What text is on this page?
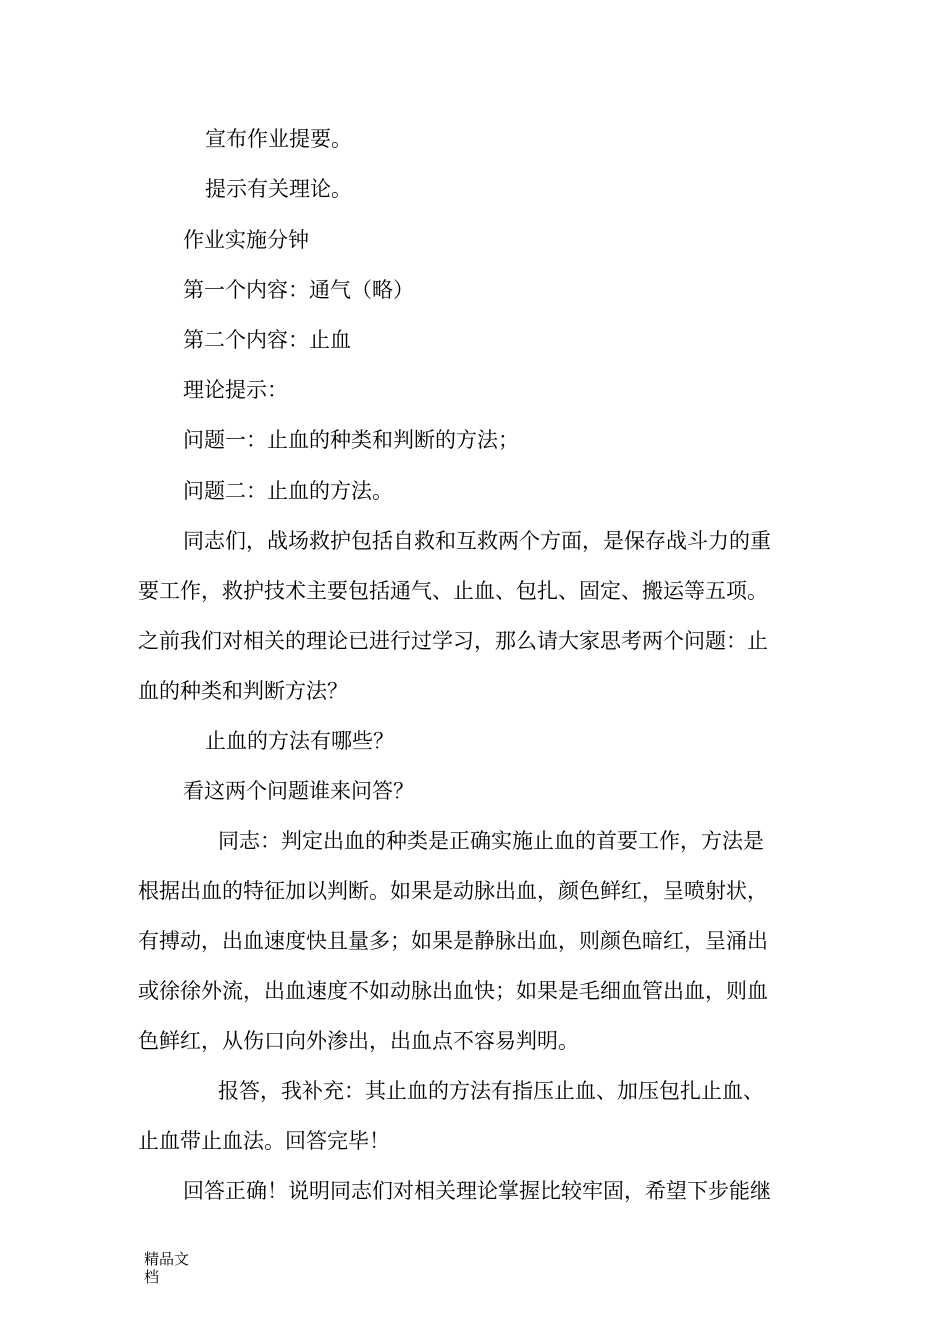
宣布作业提要。

提示有关理论。

作业实施分钟

第一个内容：通气（略）

第二个内容：止血

理论提示：

问题一：止血的种类和判断的方法；

问题二：止血的方法。

同志们，战场救护包括自救和互救两个方面，是保存战斗力的重

要工作，救护技术主要包括通气、止血、包扎、固定、搬运等五项。

之前我们对相关的理论已进行过学习，那么请大家思考两个问题：止

血的种类和判断方法？

止血的方法有哪些？

看这两个问题谁来问答？

同志：判定出血的种类是正确实施止血的首要工作，方法是

根据出血的特征加以判断。如果是动脉出血，颜色鲜红，呈喷射状，

有搏动，出血速度快且量多；如果是静脉出血，则颜色暗红，呈涌出

或徐徐外流，出血速度不如动脉出血快；如果是毛细血管出血，则血

色鲜红，从伤口向外渗出，出血点不容易判明。

报答，我补充：其止血的方法有指压止血、加压包扎止血、

止血带止血法。回答完毕！

回答正确！说明同志们对相关理论掌握比较牢固，希望下步能继

精品文

档
